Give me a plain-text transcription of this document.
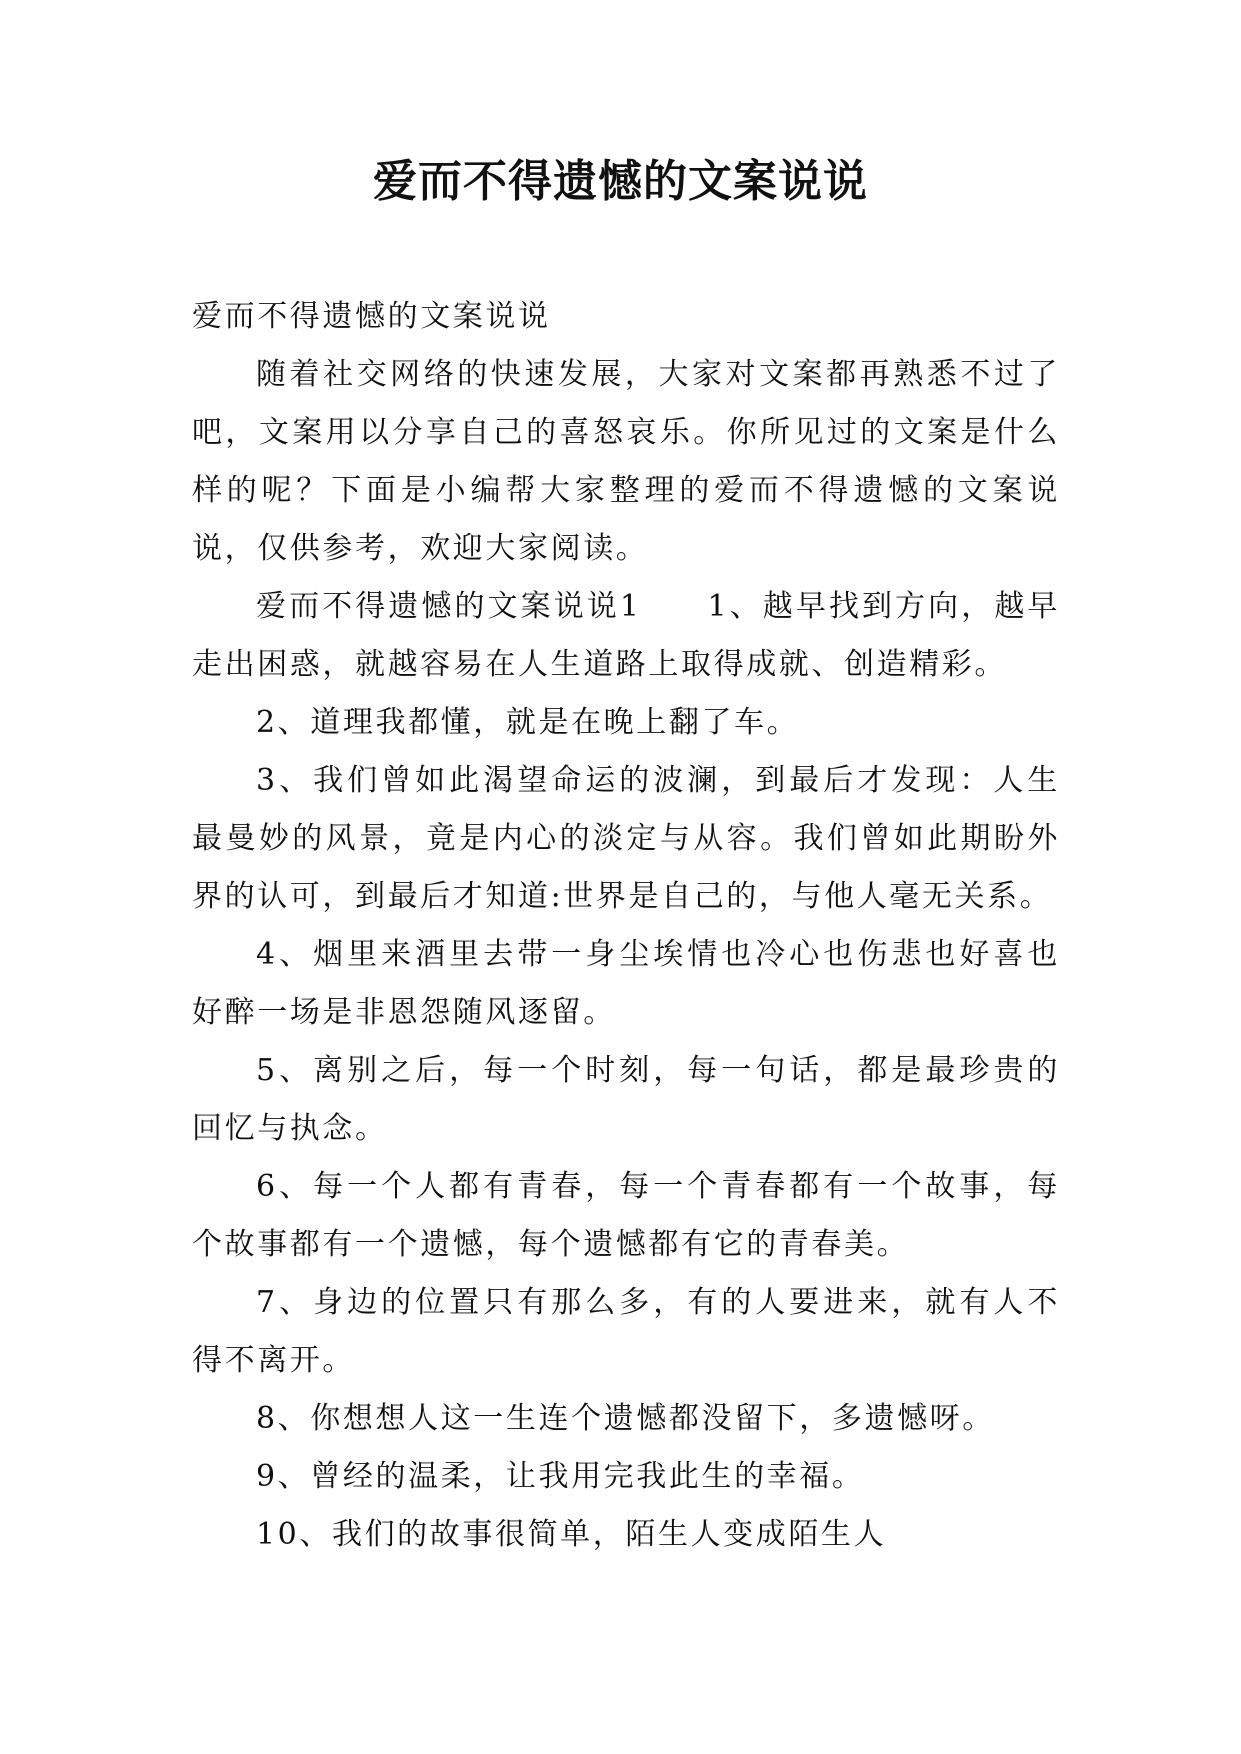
爱而不得遗憾的文案说说

爱而不得遗憾的文案说说

随着社交网络的快速发展，大家对文案都再熟悉不过了吧，文案用以分享自己的喜怒哀乐。你所见过的文案是什么样的呢？下面是小编帮大家整理的爱而不得遗憾的文案说说，仅供参考，欢迎大家阅读。

爱而不得遗憾的文案说说1 1、越早找到方向，越早走出困惑，就越容易在人生道路上取得成就、创造精彩。

2、道理我都懂，就是在晚上翻了车。

3、我们曾如此渴望命运的波澜，到最后才发现：人生最曼妙的风景，竟是内心的淡定与从容。我们曾如此期盼外界的认可，到最后才知道:世界是自己的，与他人毫无关系。

4、烟里来酒里去带一身尘埃情也冷心也伤悲也好喜也好醉一场是非恩怨随风逐留。

5、离别之后，每一个时刻，每一句话，都是最珍贵的回忆与执念。

6、每一个人都有青春，每一个青春都有一个故事，每个故事都有一个遗憾，每个遗憾都有它的青春美。

7、身边的位置只有那么多，有的人要进来，就有人不得不离开。

8、你想想人这一生连个遗憾都没留下，多遗憾呀。

9、曾经的温柔，让我用完我此生的幸福。

10、我们的故事很简单，陌生人变成陌生人
